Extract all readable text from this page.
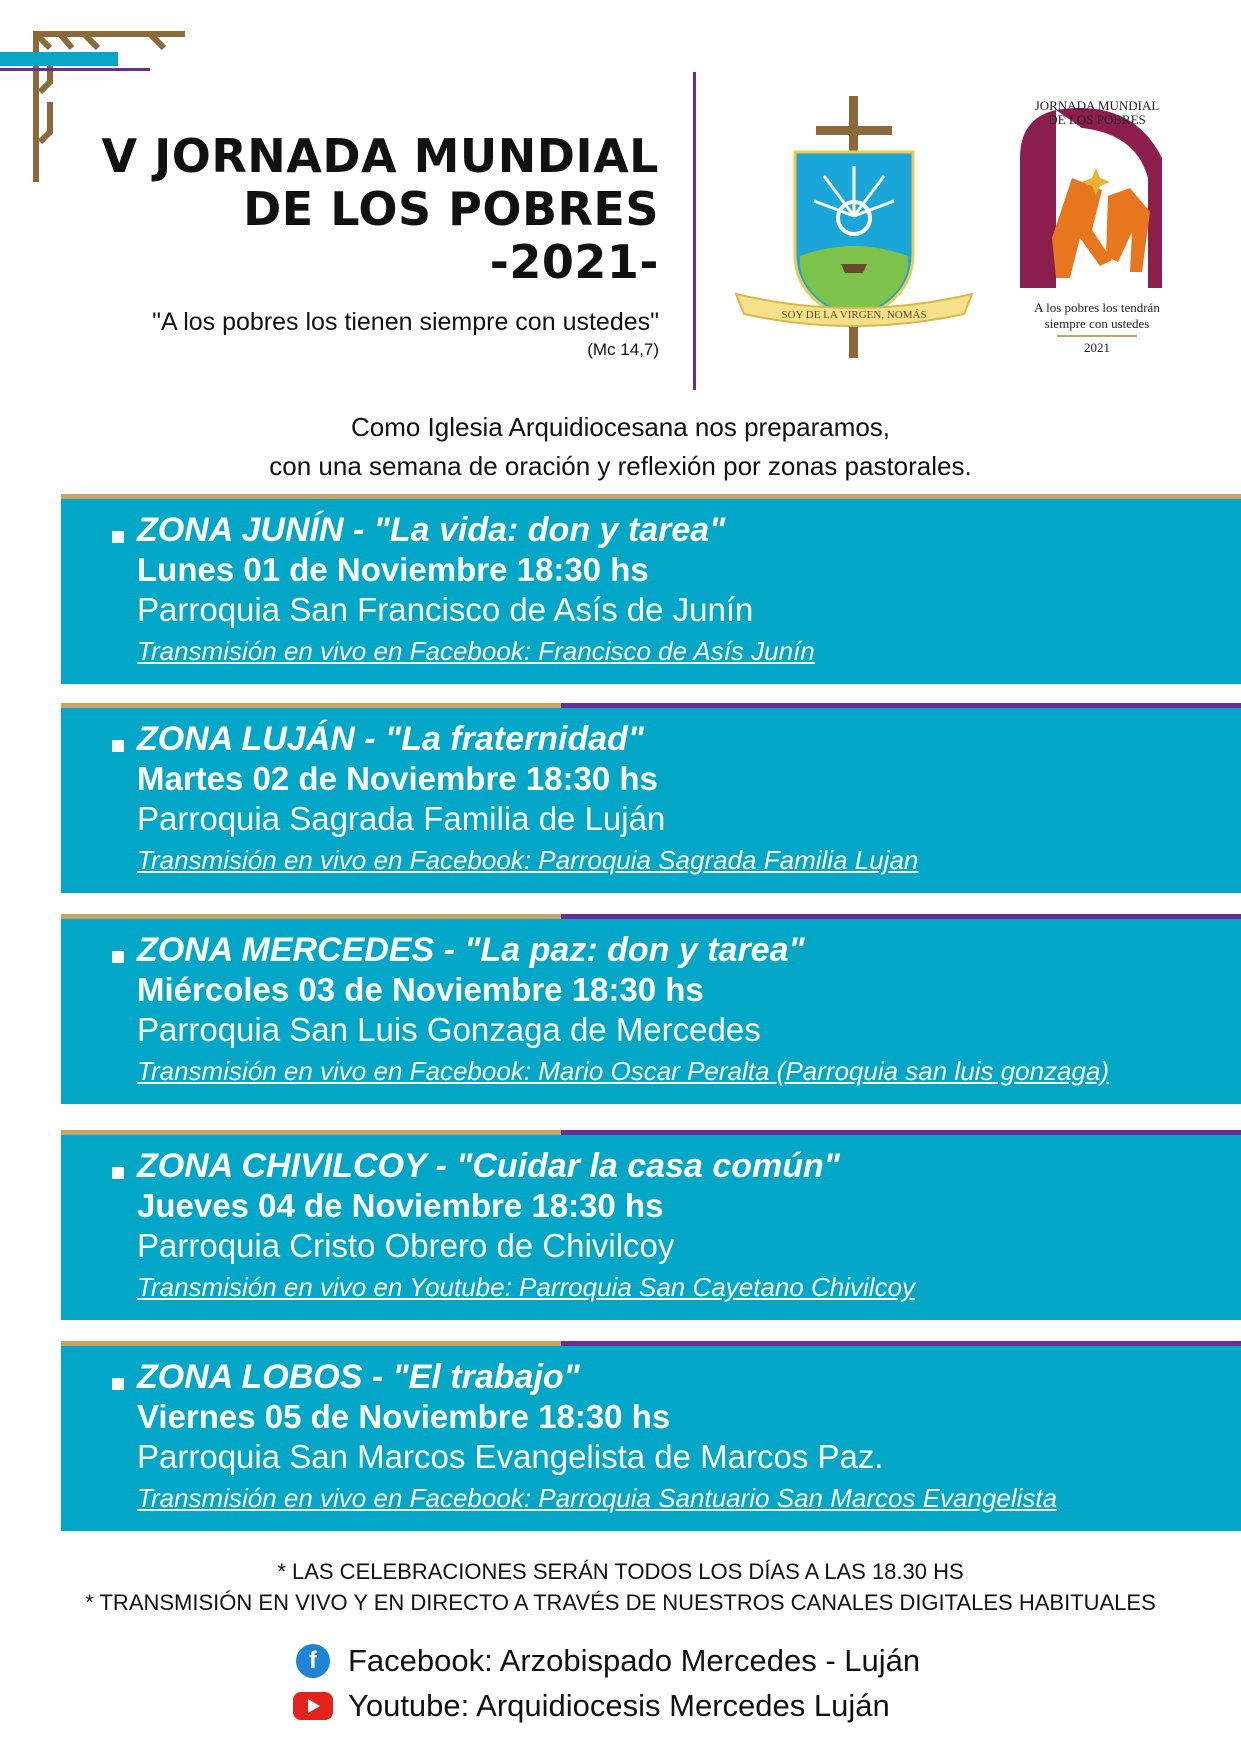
V JORNADA MUNDIAL
DE LOS POBRES
-2021-
"A los pobres los tienen siempre con ustedes"
(Mc 14,7)
SOY DE LA VIRGEN, NOMÁS
JORNADA MUNDIAL
DE LOS POBRES
A los pobres los tendrán
siempre con ustedes
2021
Como Iglesia Arquidiocesana nos preparamos,
con una semana de oración y reflexión por zonas pastorales.
ZONA JUNÍN - "La vida: don y tarea"
Lunes 01 de Noviembre 18:30 hs
Parroquia San Francisco de Asís de Junín
Transmisión en vivo en Facebook: Francisco de Asís Junín
ZONA LUJÁN - "La fraternidad"
Martes 02 de Noviembre 18:30 hs
Parroquia Sagrada Familia de Luján
Transmisión en vivo en Facebook: Parroquia Sagrada Familia Lujan
ZONA MERCEDES - "La paz: don y tarea"
Miércoles 03 de Noviembre 18:30 hs
Parroquia San Luis Gonzaga de Mercedes
Transmisión en vivo en Facebook: Mario Oscar Peralta (Parroquia san luis gonzaga)
ZONA CHIVILCOY - "Cuidar la casa común"
Jueves 04 de Noviembre 18:30 hs
Parroquia Cristo Obrero de Chivilcoy
Transmisión en vivo en Youtube: Parroquia San Cayetano Chivilcoy
ZONA LOBOS - "El trabajo"
Viernes 05 de Noviembre 18:30 hs
Parroquia San Marcos Evangelista de Marcos Paz.
Transmisión en vivo en Facebook: Parroquia Santuario San Marcos Evangelista
* LAS CELEBRACIONES SERÁN TODOS LOS DÍAS A LAS 18.30 HS
* TRANSMISIÓN EN VIVO Y EN DIRECTO A TRAVÉS DE NUESTROS CANALES DIGITALES HABITUALES
f	Facebook: Arzobispado Mercedes - Luján
Youtube: Arquidiocesis Mercedes Luján
